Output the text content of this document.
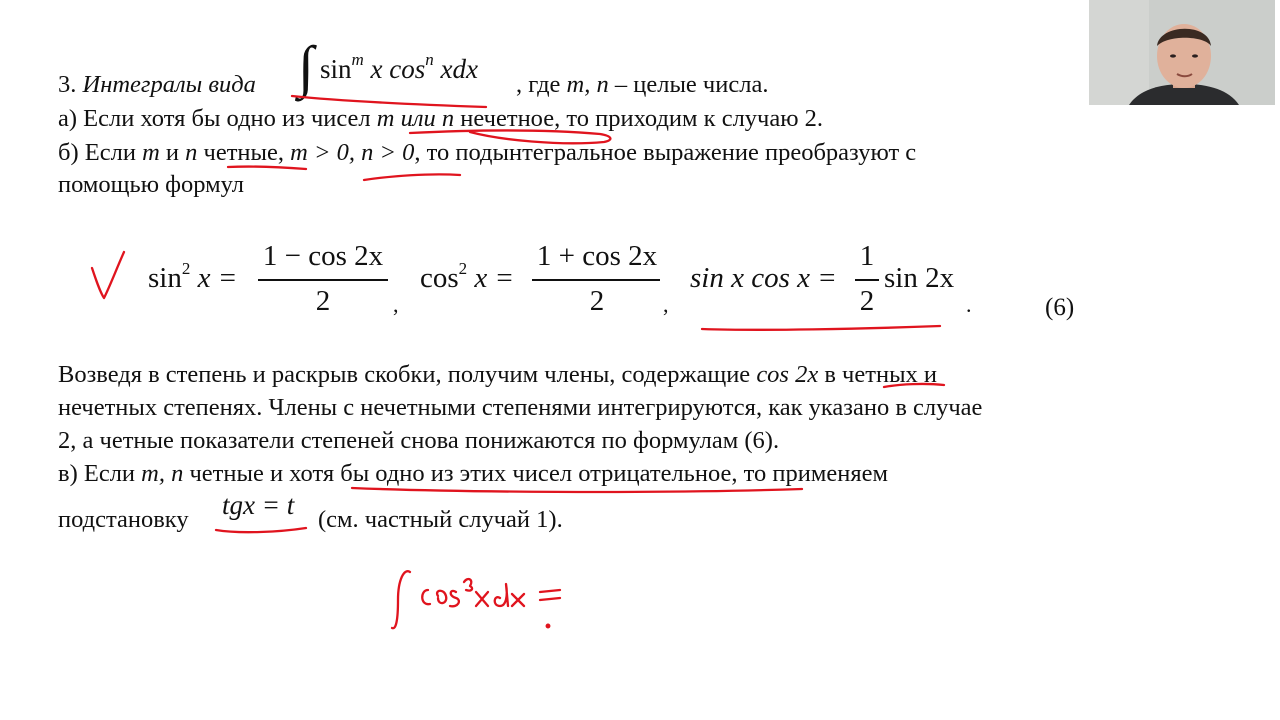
3. Интегралы вида ∫ $\sin^m x$ $\cos^n$ xdx
, где m, n – целые числа.
а) Если хотя бы одно из чисел m или n нечетное, то приходим к случаю 2.
б) Если m и n четные, m > 0, n > 0, то подынтегральное выражение преобразуют с
помощью формул
$\sin^2 x$ =
1 − cos 2x
2	,
$\cos^2 x$ =
1 + cos 2x
2	,
sin x cos x =
1
2
sin 2x
.	(6)
Возведя в степень и раскрыв скобки, получим члены, содержащие cos 2x в четных и
нечетных степенях. Члены с нечетными степенями интегрируются, как указано в случае
2, а четные показатели степеней снова понижаются по формулам (6).
в) Если m, n четные и хотя бы одно из этих чисел отрицательное, то применяем
подстановку tgx = t (см. частный случай 1).
